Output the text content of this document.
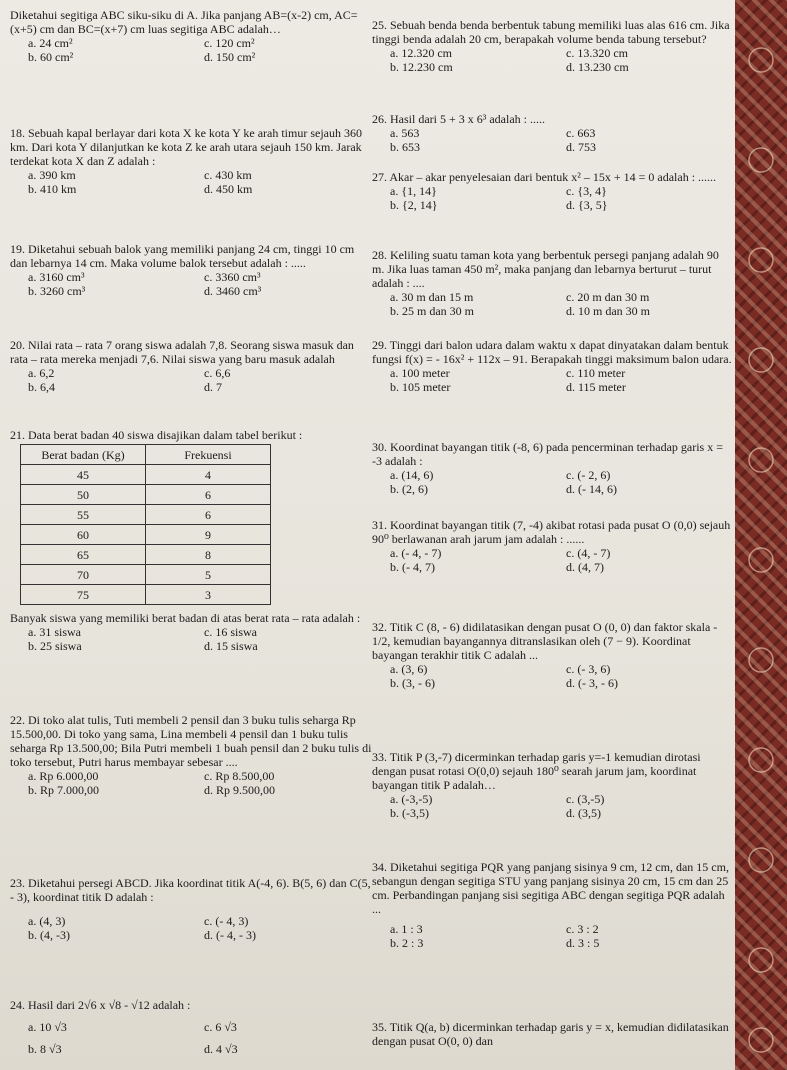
Diketahui segitiga ABC siku-siku di A. Jika panjang AB=(x-2) cm, AC=(x+5) cm dan BC=(x+7) cm luas segitiga ABC adalah…

a. 24 cm²	c. 120 cm²
b. 60 cm²	d. 150 cm²

18. Sebuah kapal berlayar dari kota X ke kota Y ke arah timur sejauh 360 km. Dari kota Y dilanjutkan ke kota Z ke arah utara sejauh 150 km. Jarak terdekat kota X dan Z adalah :

a. 390 km	c. 430 km
b. 410 km	d. 450 km

19. Diketahui sebuah balok yang memiliki panjang 24 cm, tinggi 10 cm dan lebarnya 14 cm. Maka volume balok tersebut adalah : .....

a. 3160 cm³	c. 3360 cm³
b. 3260 cm³	d. 3460 cm³

20. Nilai rata – rata 7 orang siswa adalah 7,8. Seorang siswa masuk dan rata – rata mereka menjadi 7,6. Nilai siswa yang baru masuk adalah

a. 6,2	c. 6,6
b. 6,4	d. 7

21. Data berat badan 40 siswa disajikan dalam tabel berikut :

Berat badan (Kg)	Frekuensi
45	4
50	6
55	6
60	9
65	8
70	5
75	3

Banyak siswa yang memiliki berat badan di atas berat rata – rata adalah :

a. 31 siswa	c. 16 siswa
b. 25 siswa	d. 15 siswa

22. Di toko alat tulis, Tuti membeli 2 pensil dan 3 buku tulis seharga Rp 15.500,00. Di toko yang sama, Lina membeli 4 pensil dan 1 buku tulis seharga Rp 13.500,00; Bila Putri membeli 1 buah pensil dan 2 buku tulis di toko tersebut, Putri harus membayar sebesar ....

a. Rp 6.000,00	c. Rp 8.500,00
b. Rp 7.000,00	d. Rp 9.500,00

23. Diketahui persegi ABCD. Jika koordinat titik A(-4, 6). B(5, 6) dan C(5, - 3), koordinat titik D adalah :

a. (4, 3)	c. (- 4, 3)
b. (4, -3)	d. (- 4, - 3)

24. Hasil dari 2√6 x √8 - √12 adalah :

a. 10 √3	c. 6 √3
b. 8 √3	d. 4 √3

25. Sebuah benda benda berbentuk tabung memiliki luas alas 616 cm. Jika tinggi benda adalah 20 cm, berapakah volume benda tabung tersebut?

a. 12.320 cm	c. 13.320 cm
b. 12.230 cm	d. 13.230 cm

26. Hasil dari 5 + 3 x 6³ adalah : .....

a. 563	c. 663
b. 653	d. 753

27. Akar – akar penyelesaian dari bentuk x² – 15x + 14 = 0 adalah : ......

a. {1, 14}	c. {3, 4}
b. {2, 14}	d. {3, 5}

28. Keliling suatu taman kota yang berbentuk persegi panjang adalah 90 m. Jika luas taman 450 m², maka panjang dan lebarnya berturut – turut adalah : ....

a. 30 m dan 15 m	c. 20 m dan 30 m
b. 25 m dan 30 m	d. 10 m dan 30 m

29. Tinggi dari balon udara dalam waktu x dapat dinyatakan dalam bentuk fungsi f(x) = - 16x² + 112x – 91. Berapakah tinggi maksimum balon udara.

a. 100 meter	c. 110 meter
b. 105 meter	d. 115 meter

30. Koordinat bayangan titik (-8, 6) pada pencerminan terhadap garis x = -3 adalah :

a. (14, 6)	c. (- 2, 6)
b. (2, 6)	d. (- 14, 6)

31. Koordinat bayangan titik (7, -4) akibat rotasi pada pusat O (0,0) sejauh 90⁰ berlawanan arah jarum jam adalah : ......

a. (- 4, - 7)	c. (4, - 7)
b. (- 4, 7)	d. (4, 7)

32. Titik C (8, - 6) didilatasikan dengan pusat O (0, 0) dan faktor skala - 1/2, kemudian bayangannya ditranslasikan oleh (7 − 9). Koordinat bayangan terakhir titik C adalah ...

a. (3, 6)	c. (- 3, 6)
b. (3, - 6)	d. (- 3, - 6)

33. Titik P (3,-7) dicerminkan terhadap garis y=-1 kemudian dirotasi dengan pusat rotasi O(0,0) sejauh 180⁰ searah jarum jam, koordinat bayangan titik P adalah…

a. (-3,-5)	c. (3,-5)
b. (-3,5)	d. (3,5)

34. Diketahui segitiga PQR yang panjang sisinya 9 cm, 12 cm, dan 15 cm, sebangun dengan segitiga STU yang panjang sisinya 20 cm, 15 cm dan 25 cm. Perbandingan panjang sisi segitiga ABC dengan segitiga PQR adalah ...

a. 1 : 3	c. 3 : 2
b. 2 : 3	d. 3 : 5

35. Titik Q(a, b) dicerminkan terhadap garis y = x, kemudian didilatasikan dengan pusat O(0, 0) dan
